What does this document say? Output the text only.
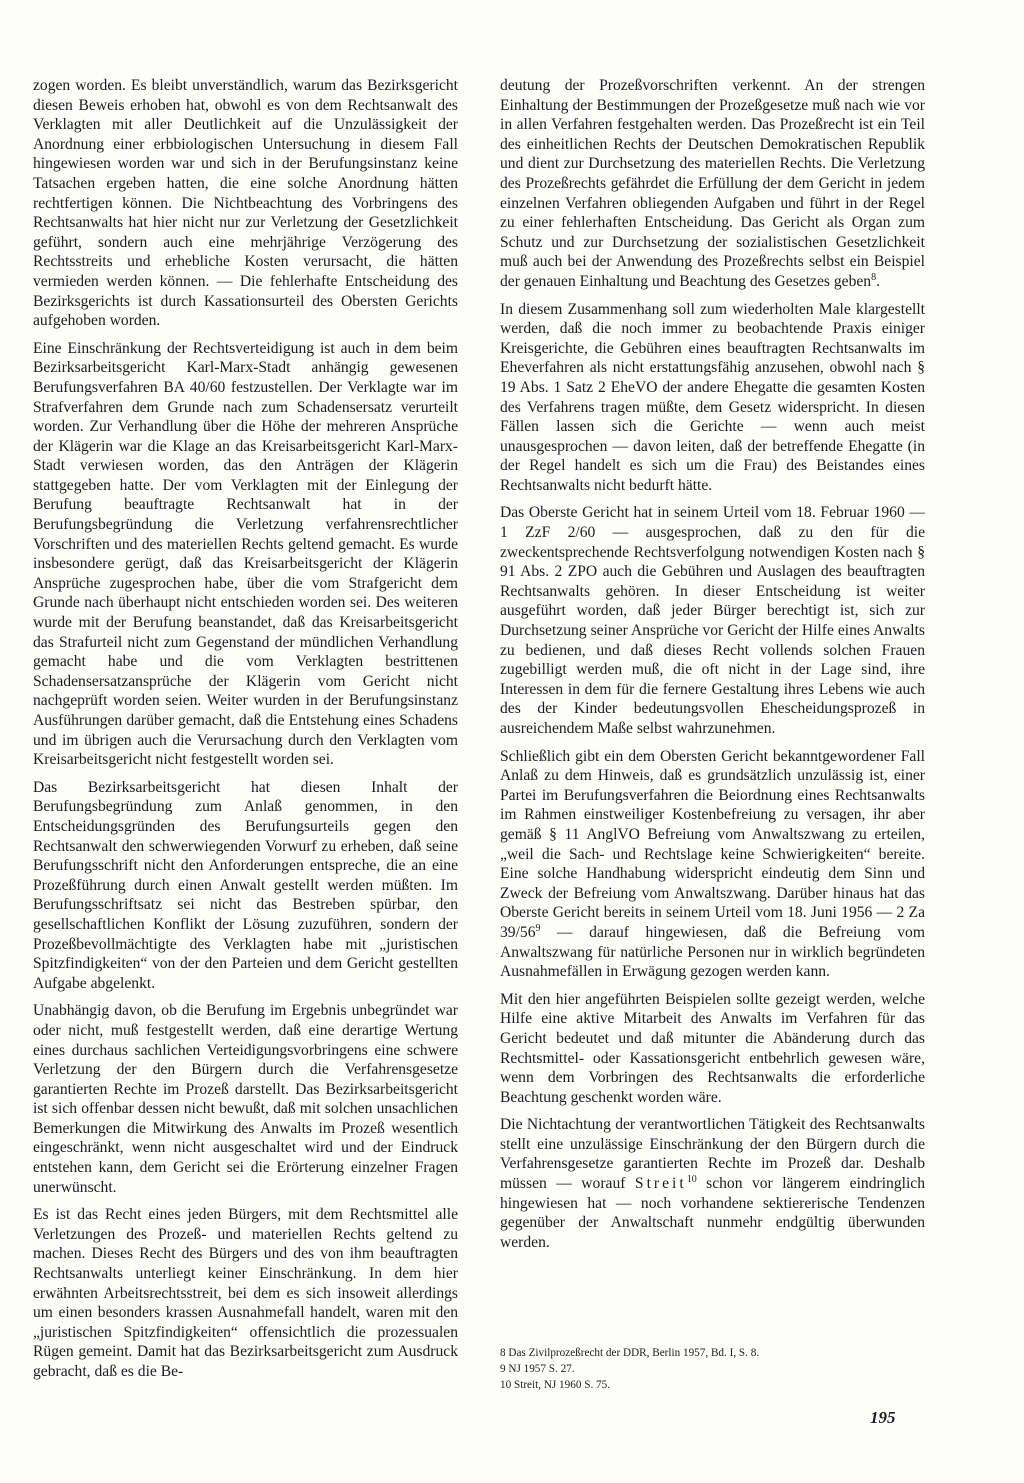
zogen worden. Es bleibt unverständlich, warum das Bezirksgericht diesen Beweis erhoben hat, obwohl es von dem Rechtsanwalt des Verklagten mit aller Deutlichkeit auf die Unzulässigkeit der Anordnung einer erbbiologischen Untersuchung in diesem Fall hingewiesen worden war und sich in der Berufungsinstanz keine Tatsachen ergeben hatten, die eine solche Anordnung hätten rechtfertigen können. Die Nichtbeachtung des Vorbringens des Rechtsanwalts hat hier nicht nur zur Verletzung der Gesetzlichkeit geführt, sondern auch eine mehrjährige Verzögerung des Rechtsstreits und erhebliche Kosten verursacht, die hätten vermieden werden können. — Die fehlerhafte Entscheidung des Bezirksgerichts ist durch Kassationsurteil des Obersten Gerichts aufgehoben worden.

Eine Einschränkung der Rechtsverteidigung ist auch in dem beim Bezirksarbeitsgericht Karl-Marx-Stadt anhängig gewesenen Berufungsverfahren BA 40/60 festzustellen. Der Verklagte war im Strafverfahren dem Grunde nach zum Schadensersatz verurteilt worden. Zur Verhandlung über die Höhe der mehreren Ansprüche der Klägerin war die Klage an das Kreisarbeitsgericht Karl-Marx-Stadt verwiesen worden, das den Anträgen der Klägerin stattgegeben hatte. Der vom Verklagten mit der Einlegung der Berufung beauftragte Rechtsanwalt hat in der Berufungsbegründung die Verletzung verfahrensrechtlicher Vorschriften und des materiellen Rechts geltend gemacht. Es wurde insbesondere gerügt, daß das Kreisarbeitsgericht der Klägerin Ansprüche zugesprochen habe, über die vom Strafgericht dem Grunde nach überhaupt nicht entschieden worden sei. Des weiteren wurde mit der Berufung beanstandet, daß das Kreisarbeitsgericht das Strafurteil nicht zum Gegenstand der mündlichen Verhandlung gemacht habe und die vom Verklagten bestrittenen Schadensersatzansprüche der Klägerin vom Gericht nicht nachgeprüft worden seien. Weiter wurden in der Berufungsinstanz Ausführungen darüber gemacht, daß die Entstehung eines Schadens und im übrigen auch die Verursachung durch den Verklagten vom Kreisarbeitsgericht nicht festgestellt worden sei.

Das Bezirksarbeitsgericht hat diesen Inhalt der Berufungsbegründung zum Anlaß genommen, in den Entscheidungsgründen des Berufungsurteils gegen den Rechtsanwalt den schwerwiegenden Vorwurf zu erheben, daß seine Berufungsschrift nicht den Anforderungen entspreche, die an eine Prozeßführung durch einen Anwalt gestellt werden müßten. Im Berufungsschriftsatz sei nicht das Bestreben spürbar, den gesellschaftlichen Konflikt der Lösung zuzuführen, sondern der Prozeßbevollmächtigte des Verklagten habe mit „juristischen Spitzfindigkeiten“ von der den Parteien und dem Gericht gestellten Aufgabe abgelenkt.

Unabhängig davon, ob die Berufung im Ergebnis unbegründet war oder nicht, muß festgestellt werden, daß eine derartige Wertung eines durchaus sachlichen Verteidigungsvorbringens eine schwere Verletzung der den Bürgern durch die Verfahrensgesetze garantierten Rechte im Prozeß darstellt. Das Bezirksarbeitsgericht ist sich offenbar dessen nicht bewußt, daß mit solchen unsachlichen Bemerkungen die Mitwirkung des Anwalts im Prozeß wesentlich eingeschränkt, wenn nicht ausgeschaltet wird und der Eindruck entstehen kann, dem Gericht sei die Erörterung einzelner Fragen unerwünscht.

Es ist das Recht eines jeden Bürgers, mit dem Rechtsmittel alle Verletzungen des Prozeß- und materiellen Rechts geltend zu machen. Dieses Recht des Bürgers und des von ihm beauftragten Rechtsanwalts unterliegt keiner Einschränkung. In dem hier erwähnten Arbeitsrechtsstreit, bei dem es sich insoweit allerdings um einen besonders krassen Ausnahmefall handelt, waren mit den „juristischen Spitzfindigkeiten“ offensichtlich die prozessualen Rügen gemeint. Damit hat das Bezirksarbeitsgericht zum Ausdruck gebracht, daß es die Be-

deutung der Prozeßvorschriften verkennt. An der strengen Einhaltung der Bestimmungen der Prozeßgesetze muß nach wie vor in allen Verfahren festgehalten werden. Das Prozeßrecht ist ein Teil des einheitlichen Rechts der Deutschen Demokratischen Republik und dient zur Durchsetzung des materiellen Rechts. Die Verletzung des Prozeßrechts gefährdet die Erfüllung der dem Gericht in jedem einzelnen Verfahren obliegenden Aufgaben und führt in der Regel zu einer fehlerhaften Entscheidung. Das Gericht als Organ zum Schutz und zur Durchsetzung der sozialistischen Gesetzlichkeit muß auch bei der Anwendung des Prozeßrechts selbst ein Beispiel der genauen Einhaltung und Beachtung des Gesetzes geben$^8$.

In diesem Zusammenhang soll zum wiederholten Male klargestellt werden, daß die noch immer zu beobachtende Praxis einiger Kreisgerichte, die Gebühren eines beauftragten Rechtsanwalts im Eheverfahren als nicht erstattungsfähig anzusehen, obwohl nach § 19 Abs. 1 Satz 2 EheVO der andere Ehegatte die gesamten Kosten des Verfahrens tragen müßte, dem Gesetz widerspricht. In diesen Fällen lassen sich die Gerichte — wenn auch meist unausgesprochen — davon leiten, daß der betreffende Ehegatte (in der Regel handelt es sich um die Frau) des Beistandes eines Rechtsanwalts nicht bedurft hätte.

Das Oberste Gericht hat in seinem Urteil vom 18. Februar 1960 — 1 ZzF 2/60 — ausgesprochen, daß zu den für die zweckentsprechende Rechtsverfolgung notwendigen Kosten nach § 91 Abs. 2 ZPO auch die Gebühren und Auslagen des beauftragten Rechtsanwalts gehören. In dieser Entscheidung ist weiter ausgeführt worden, daß jeder Bürger berechtigt ist, sich zur Durchsetzung seiner Ansprüche vor Gericht der Hilfe eines Anwalts zu bedienen, und daß dieses Recht vollends solchen Frauen zugebilligt werden muß, die oft nicht in der Lage sind, ihre Interessen in dem für die fernere Gestaltung ihres Lebens wie auch des der Kinder bedeutungsvollen Ehescheidungsprozeß in ausreichendem Maße selbst wahrzunehmen.

Schließlich gibt ein dem Obersten Gericht bekanntgewordener Fall Anlaß zu dem Hinweis, daß es grundsätzlich unzulässig ist, einer Partei im Berufungsverfahren die Beiordnung eines Rechtsanwalts im Rahmen einstweiliger Kostenbefreiung zu versagen, ihr aber gemäß § 11 AnglVO Befreiung vom Anwaltszwang zu erteilen, „weil die Sach- und Rechtslage keine Schwierigkeiten“ bereite. Eine solche Handhabung widerspricht eindeutig dem Sinn und Zweck der Befreiung vom Anwaltszwang. Darüber hinaus hat das Oberste Gericht bereits in seinem Urteil vom 18. Juni 1956 — 2 Za $39/56^9$ — darauf hingewiesen, daß die Befreiung vom Anwaltszwang für natürliche Personen nur in wirklich begründeten Ausnahmefällen in Erwägung gezogen werden kann.

Mit den hier angeführten Beispielen sollte gezeigt werden, welche Hilfe eine aktive Mitarbeit des Anwalts im Verfahren für das Gericht bedeutet und daß mitunter die Abänderung durch das Rechtsmittel- oder Kassationsgericht entbehrlich gewesen wäre, wenn dem Vorbringen des Rechtsanwalts die erforderliche Beachtung geschenkt worden wäre.

Die Nichtachtung der verantwortlichen Tätigkeit des Rechtsanwalts stellt eine unzulässige Einschränkung der den Bürgern durch die Verfahrensgesetze garantierten Rechte im Prozeß dar. Deshalb müssen — worauf Streit$^{10}$ schon vor längerem eindringlich hingewiesen hat — noch vorhandene sektiererische Tendenzen gegenüber der Anwaltschaft nunmehr endgültig überwunden werden.

8 Das Zivilprozeßrecht der DDR, Berlin 1957, Bd. I, S. 8.
9 NJ 1957 S. 27.
10 Streit, NJ 1960 S. 75.
195
